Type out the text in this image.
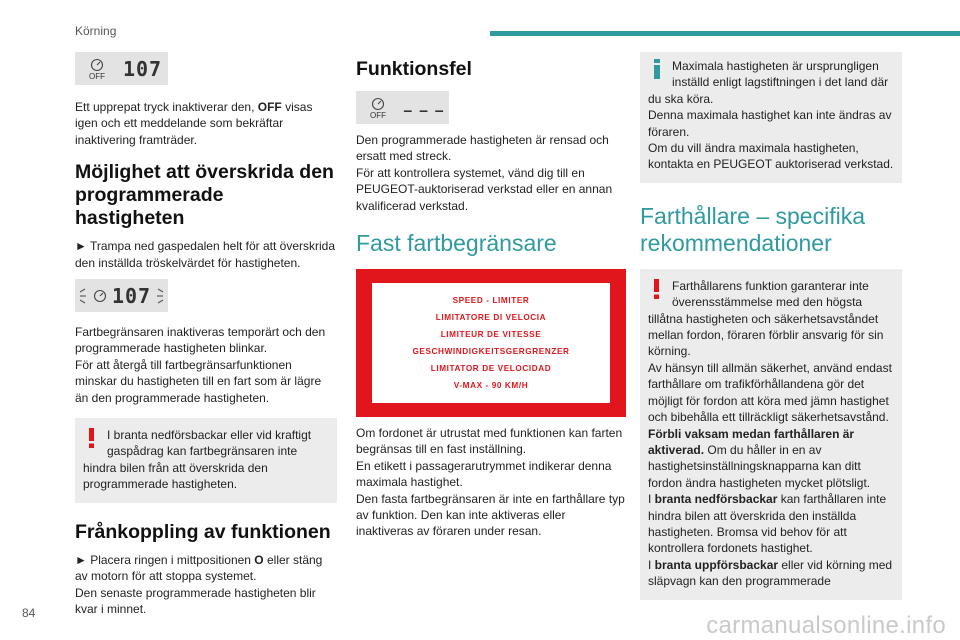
Körning
OFF 107

Ett upprepat tryck inaktiverar den, OFF visas igen och ett meddelande som bekräftar inaktivering framträder.

Möjlighet att överskrida den programmerade hastigheten

► Trampa ned gaspedalen helt för att överskrida den inställda tröskelvärdet för hastigheten.

107

Fartbegränsaren inaktiveras temporärt och den programmerade hastigheten blinkar.

För att återgå till fartbegränsarfunktionen minskar du hastigheten till en fart som är lägre än den programmerade hastigheten.

I branta nedförsbackar eller vid kraftigt gaspådrag kan fartbegränsaren inte

hindra bilen från att överskrida den programmerade hastigheten.

Frånkoppling av funktionen

► Placera ringen i mittpositionen O eller stäng av motorn för att stoppa systemet.

Den senaste programmerade hastigheten blir kvar i minnet.

Funktionsfel
OFF – – –

Den programmerade hastigheten är rensad och ersatt med streck.

För att kontrollera systemet, vänd dig till en PEUGEOT-auktoriserad verkstad eller en annan kvalificerad verkstad.

Fast fartbegränsare
SPEED - LIMITER
LIMITATORE DI VELOCIA
LIMITEUR DE VITESSE
GESCHWINDIGKEITSGERGRENZER
LIMITATOR DE VELOCIDAD
V-MAX - 90 KM/H

Om fordonet är utrustat med funktionen kan farten begränsas till en fast inställning.

En etikett i passagerarutrymmet indikerar denna maximala hastighet.

Den fasta fartbegränsaren är inte en farthållare typ av funktion. Den kan inte aktiveras eller inaktiveras av föraren under resan.

Maximala hastigheten är ursprungligen inställd enligt lagstiftningen i det land där

du ska köra.

Denna maximala hastighet kan inte ändras av föraren.

Om du vill ändra maximala hastigheten, kontakta en PEUGEOT auktoriserad verkstad.

Farthållare – specifika rekommendationer
Farthållarens funktion garanterar inte överensstämmelse med den högsta

tillåtna hastigheten och säkerhetsavståndet mellan fordon, föraren förblir ansvarig för sin körning.

Av hänsyn till allmän säkerhet, använd endast farthållare om trafikförhållandena gör det möjligt för fordon att köra med jämn hastighet och bibehålla ett tillräckligt säkerhetsavstånd.

Förbli vaksam medan farthållaren är aktiverad. Om du håller in en av hastighetsinställningsknapparna kan ditt fordon ändra hastigheten mycket plötsligt.

I branta nedförsbackar kan farthållaren inte hindra bilen att överskrida den inställda hastigheten. Bromsa vid behov för att kontrollera fordonets hastighet.

I branta uppförsbackar eller vid körning med släpvagn kan den programmerade

84	carmanualsonline.info
